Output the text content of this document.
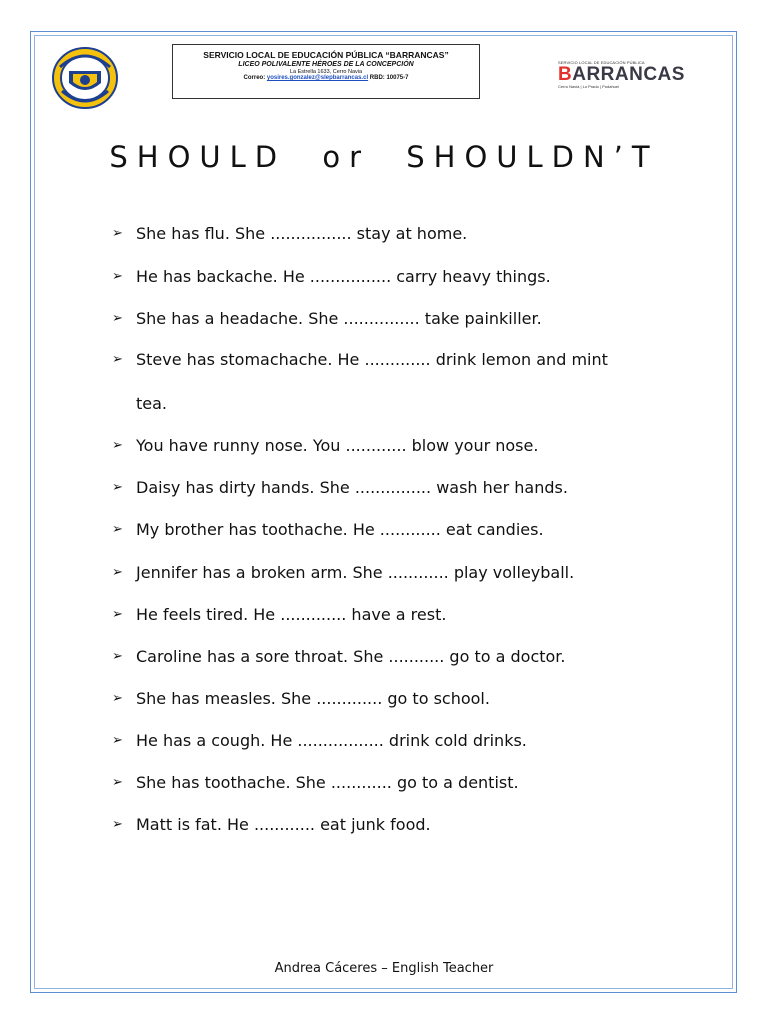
SERVICIO LOCAL DE EDUCACIÓN PÚBLICA “BARRANCAS”
LICEO POLIVALENTE HÉROES DE LA CONCEPCIÓN
La Estrella 1633, Cerro Navia
Correo: yosires.gonzalez@slepbarrancas.cl RBD: 10075-7
SERVICIO LOCAL DE EDUCACIÓN PÚBLICA
BARRANCAS
Cerro Navia | Lo Prado | Pudahuel
SHOULD or SHOULDN’T
➢ She has flu. She ................ stay at home.
➢ He has backache. He ................ carry heavy things.
➢ She has a headache. She ............... take painkiller.
➢ Steve has stomachache. He ............. drink lemon and mint
tea.
➢ You have runny nose. You ............ blow your nose.
➢ Daisy has dirty hands. She ............... wash her hands.
➢ My brother has toothache. He ............ eat candies.
➢ Jennifer has a broken arm. She ............ play volleyball.
➢ He feels tired. He ............. have a rest.
➢ Caroline has a sore throat. She ........... go to a doctor.
➢ She has measles. She ............. go to school.
➢ He has a cough. He ................. drink cold drinks.
➢ She has toothache. She ............ go to a dentist.
➢ Matt is fat. He ............ eat junk food.
Andrea Cáceres – English Teacher
